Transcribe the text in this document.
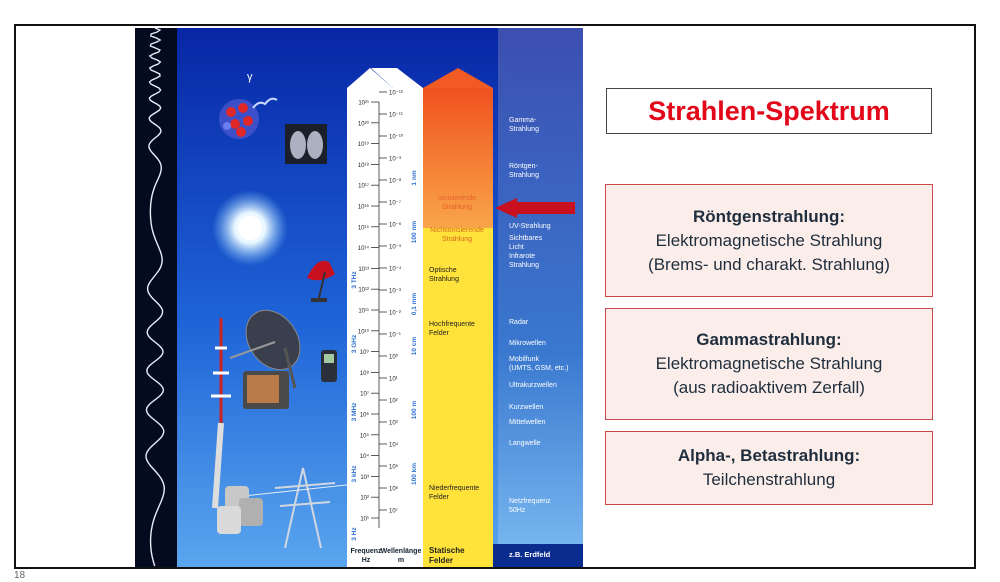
γ
10²¹
10²⁰
10¹⁹
10¹⁸
10¹⁷
10¹⁶
10¹⁵
10¹⁴
10¹³
10¹²
10¹¹
10¹⁰
10⁹
10⁸
10⁷
10⁶
10⁵
10⁴
10³
10²
10¹
10⁻¹²
10⁻¹¹
10⁻¹⁰
10⁻⁹
10⁻⁸
10⁻⁷
10⁻⁶
10⁻⁵
10⁻⁴
10⁻³
10⁻²
10⁻¹
10⁰
10¹
10²
10³
10⁴
10⁵
10⁶
10⁷
3 THz
3 GHz
3 MHz
3 kHz
3 Hz
1 nm
100 nm
0,1 mm
10 cm
100 m
100 km
Ionisierende
Strahlung
Nichtionisierende
Strahlung
Optische
Strahlung
Hochfrequente
Felder
Niederfrequente
Felder
Gamma-
Strahlung
Röntgen-
Strahlung
UV-Strahlung
Sichtbares
Licht
Infrarote
Strahlung
Radar
Mikrowellen
Mobilfunk
(UMTS, GSM, etc.)
Ultrakurzwellen
Kurzwellen
Mittelwellen
Langwelle
Netzfrequenz
50Hz
Frequenz
Hz
Wellenlänge
m
Statische
Felder
z.B. Erdfeld
Strahlen-Spektrum
Röntgenstrahlung:
Elektromagnetische Strahlung
(Brems- und charakt. Strahlung)
Gammastrahlung:
Elektromagnetische Strahlung
(aus radioaktivem Zerfall)
Alpha-, Betastrahlung:
Teilchenstrahlung
18
